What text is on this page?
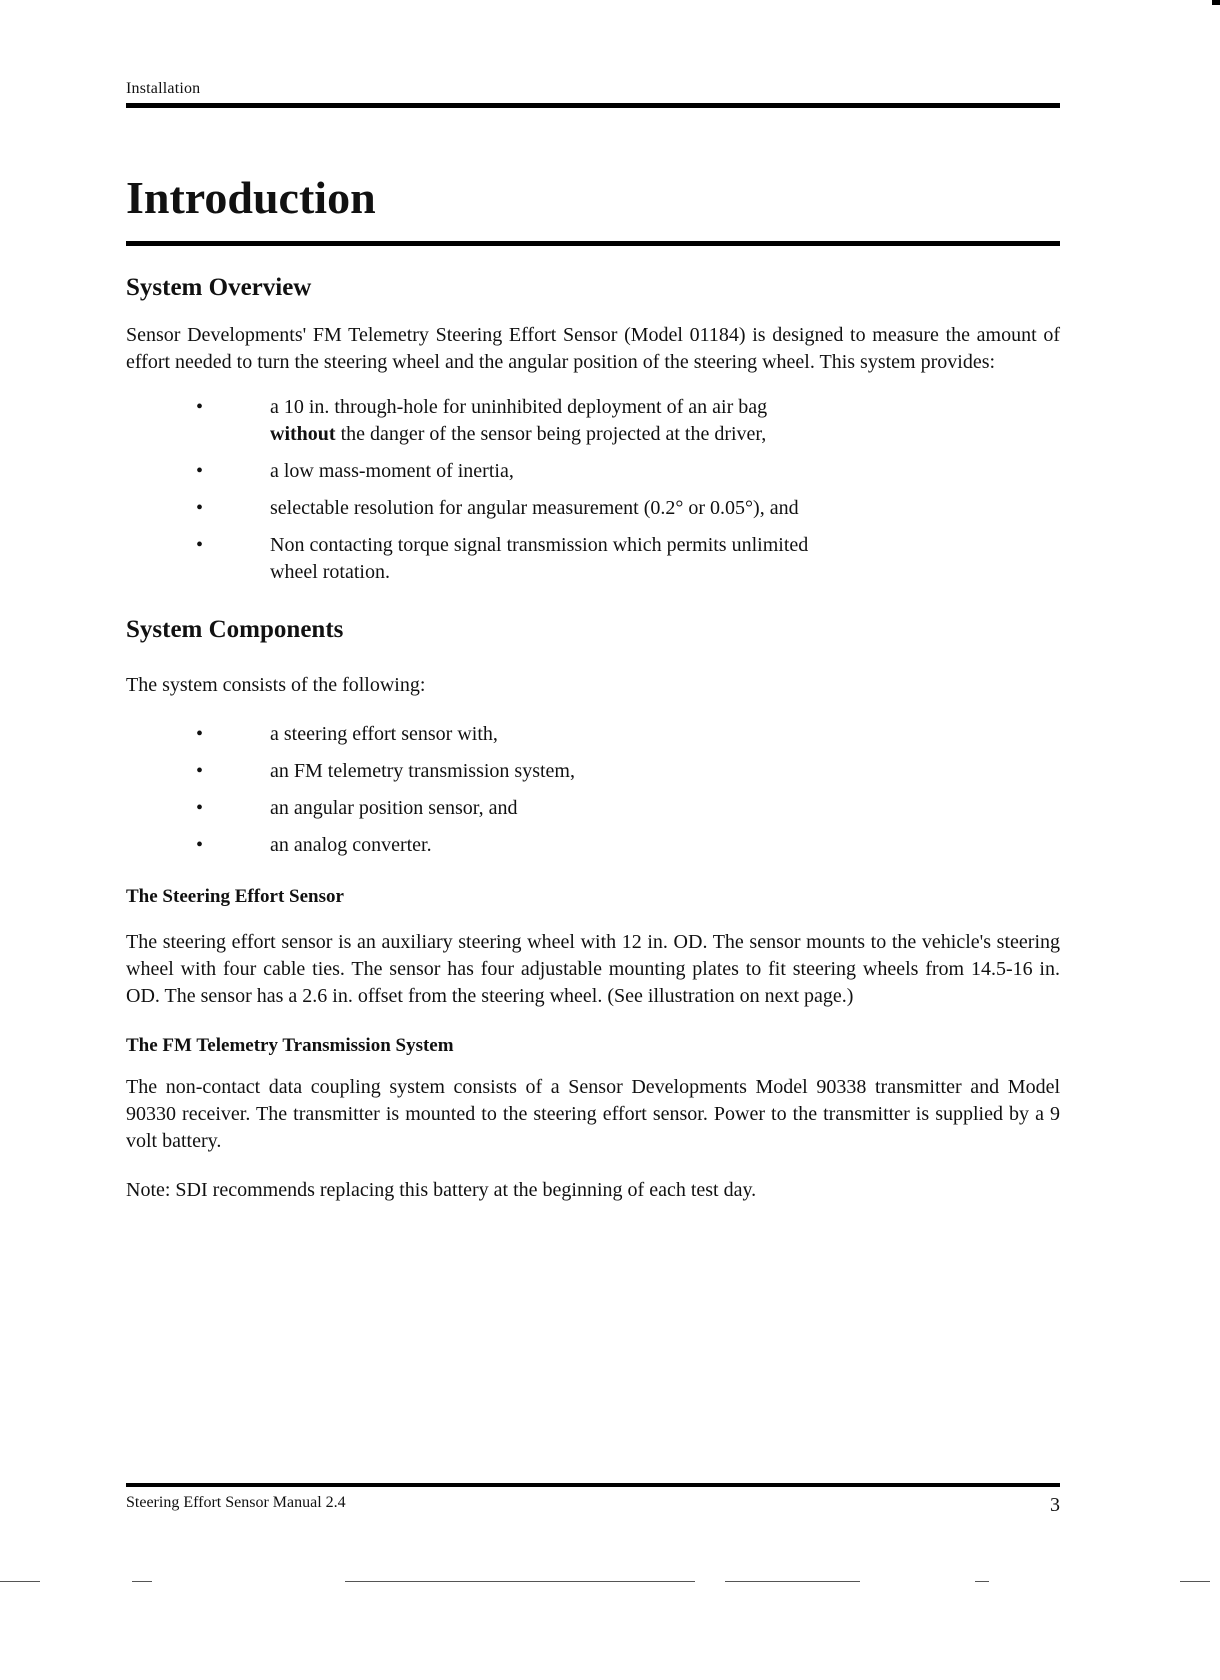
Installation
Introduction
System Overview

Sensor Developments' FM Telemetry Steering Effort Sensor (Model 01184) is designed to measure the amount of effort needed to turn the steering wheel and the angular position of the steering wheel. This system provides:

•	a 10 in. through-hole for uninhibited deployment of an air bag without the danger of the sensor being projected at the driver,
•	a low mass-moment of inertia,
•	selectable resolution for angular measurement (0.2° or 0.05°), and
•	Non contacting torque signal transmission which permits unlimited wheel rotation.
System Components

The system consists of the following:

•	a steering effort sensor with,
•	an FM telemetry transmission system,
•	an angular position sensor, and
•	an analog converter.
The Steering Effort Sensor

The steering effort sensor is an auxiliary steering wheel with 12 in. OD. The sensor mounts to the vehicle's steering wheel with four cable ties. The sensor has four adjustable mounting plates to fit steering wheels from 14.5-16 in. OD. The sensor has a 2.6 in. offset from the steering wheel. (See illustration on next page.)

The FM Telemetry Transmission System

The non-contact data coupling system consists of a Sensor Developments Model 90338 transmitter and Model 90330 receiver. The transmitter is mounted to the steering effort sensor. Power to the transmitter is supplied by a 9 volt battery.

Note: SDI recommends replacing this battery at the beginning of each test day.

Steering Effort Sensor Manual 2.4	3
